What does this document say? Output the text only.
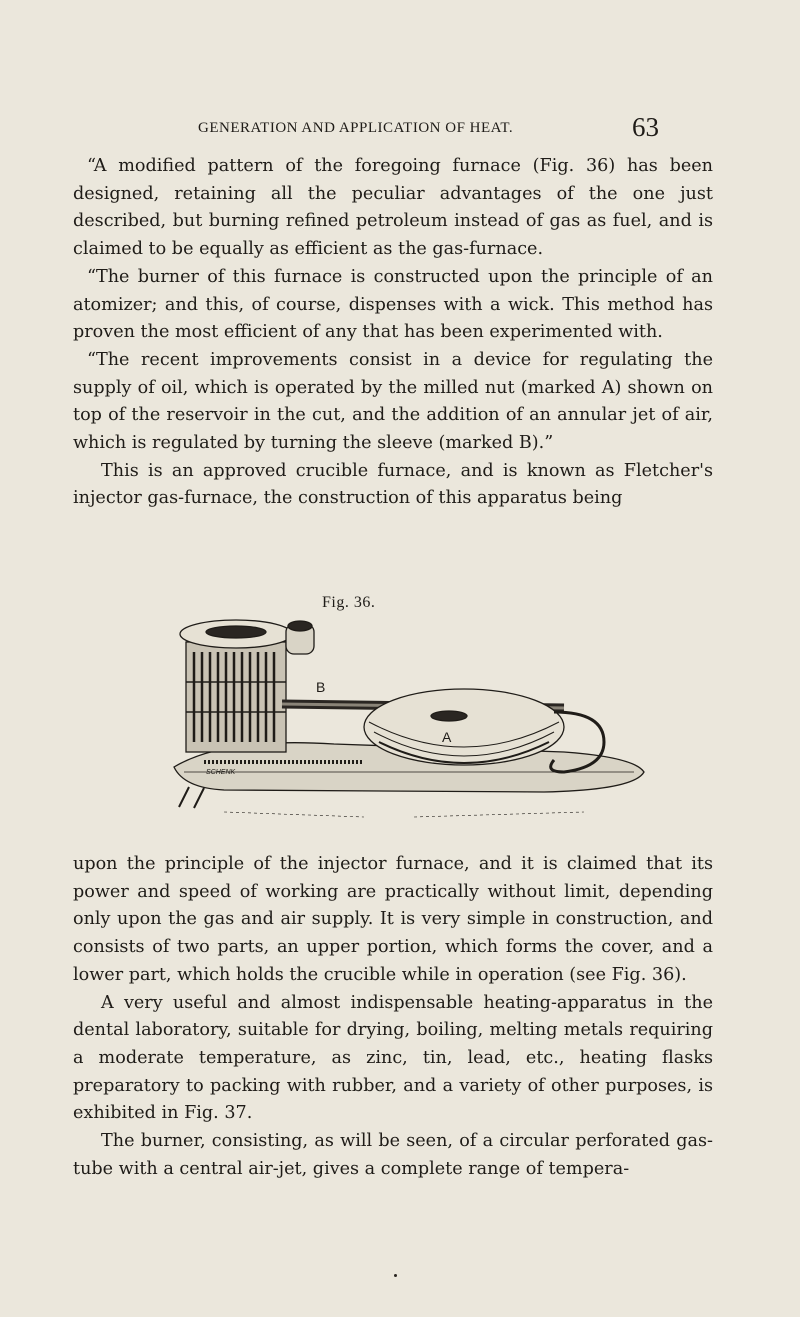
GENERATION AND APPLICATION OF HEAT.	63

“A modified pattern of the foregoing furnace (Fig. 36) has been designed, retaining all the peculiar advantages of the one just described, but burning refined petroleum instead of gas as fuel, and is claimed to be equally as efficient as the gas-furnace.

“The burner of this furnace is constructed upon the principle of an atomizer; and this, of course, dispenses with a wick. This method has proven the most efficient of any that has been experimented with.

“The recent improvements consist in a device for regulating the supply of oil, which is operated by the milled nut (marked A) shown on top of the reservoir in the cut, and the addition of an annular jet of air, which is regulated by turning the sleeve (marked B).”

This is an approved crucible furnace, and is known as Fletcher's injector gas-furnace, the construction of this apparatus being

Fig. 36.
B
A
SCHENK

upon the principle of the injector furnace, and it is claimed that its power and speed of working are practically without limit, depending only upon the gas and air supply. It is very simple in construction, and consists of two parts, an upper portion, which forms the cover, and a lower part, which holds the crucible while in operation (see Fig. 36).

A very useful and almost indispensable heating-apparatus in the dental laboratory, suitable for drying, boiling, melting metals requiring a moderate temperature, as zinc, tin, lead, etc., heating flasks preparatory to packing with rubber, and a variety of other purposes, is exhibited in Fig. 37.

The burner, consisting, as will be seen, of a circular perforated gas-tube with a central air-jet, gives a complete range of tempera-
